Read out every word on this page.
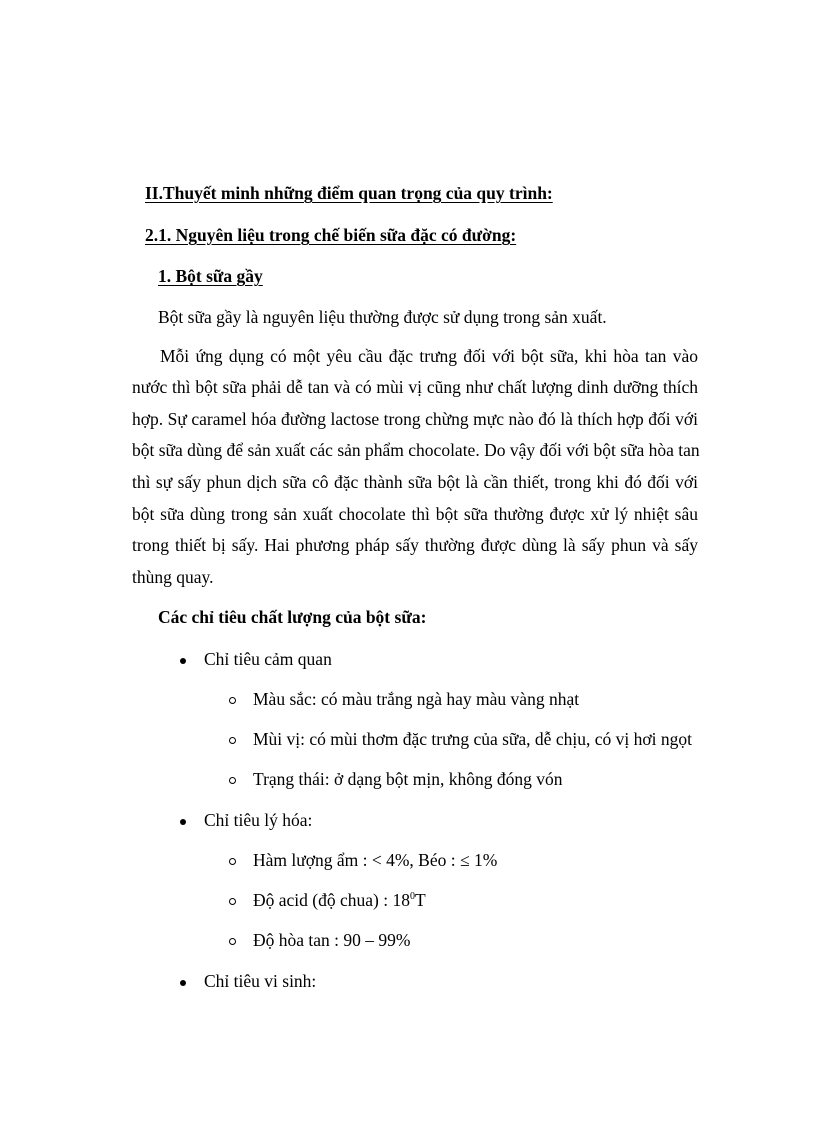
II.Thuyết minh những điểm quan trọng của quy trình:
2.1. Nguyên liệu trong chế biến sữa đặc có đường:
1. Bột sữa gầy
Bột sữa gầy là nguyên liệu thường được sử dụng trong sản xuất.
Mỗi ứng dụng có một yêu cầu đặc trưng đối với bột sữa, khi hòa tan vào
nước thì bột sữa phải dễ tan và có mùi vị cũng như chất lượng dinh dưỡng thích
hợp. Sự caramel hóa đường lactose trong chừng mực nào đó là thích hợp đối với
bột sữa dùng để sản xuất các sản phẩm chocolate. Do vậy đối với bột sữa hòa tan
thì sự sấy phun dịch sữa cô đặc thành sữa bột là cần thiết, trong khi đó đối với
bột sữa dùng trong sản xuất chocolate thì bột sữa thường được xử lý nhiệt sâu
trong thiết bị sấy. Hai phương pháp sấy thường được dùng là sấy phun và sấy
thùng quay.
Các chỉ tiêu chất lượng của bột sữa:
Chỉ tiêu cảm quan
Màu sắc: có màu trắng ngà hay màu vàng nhạt
Mùi vị: có mùi thơm đặc trưng của sữa, dễ chịu, có vị hơi ngọt
Trạng thái: ở dạng bột mịn, không đóng vón
Chỉ tiêu lý hóa:
Hàm lượng ẩm : < 4%, Béo : ≤ 1%
Độ acid (độ chua) : $18^0T$
Độ hòa tan : 90 – 99%
Chỉ tiêu vi sinh:
